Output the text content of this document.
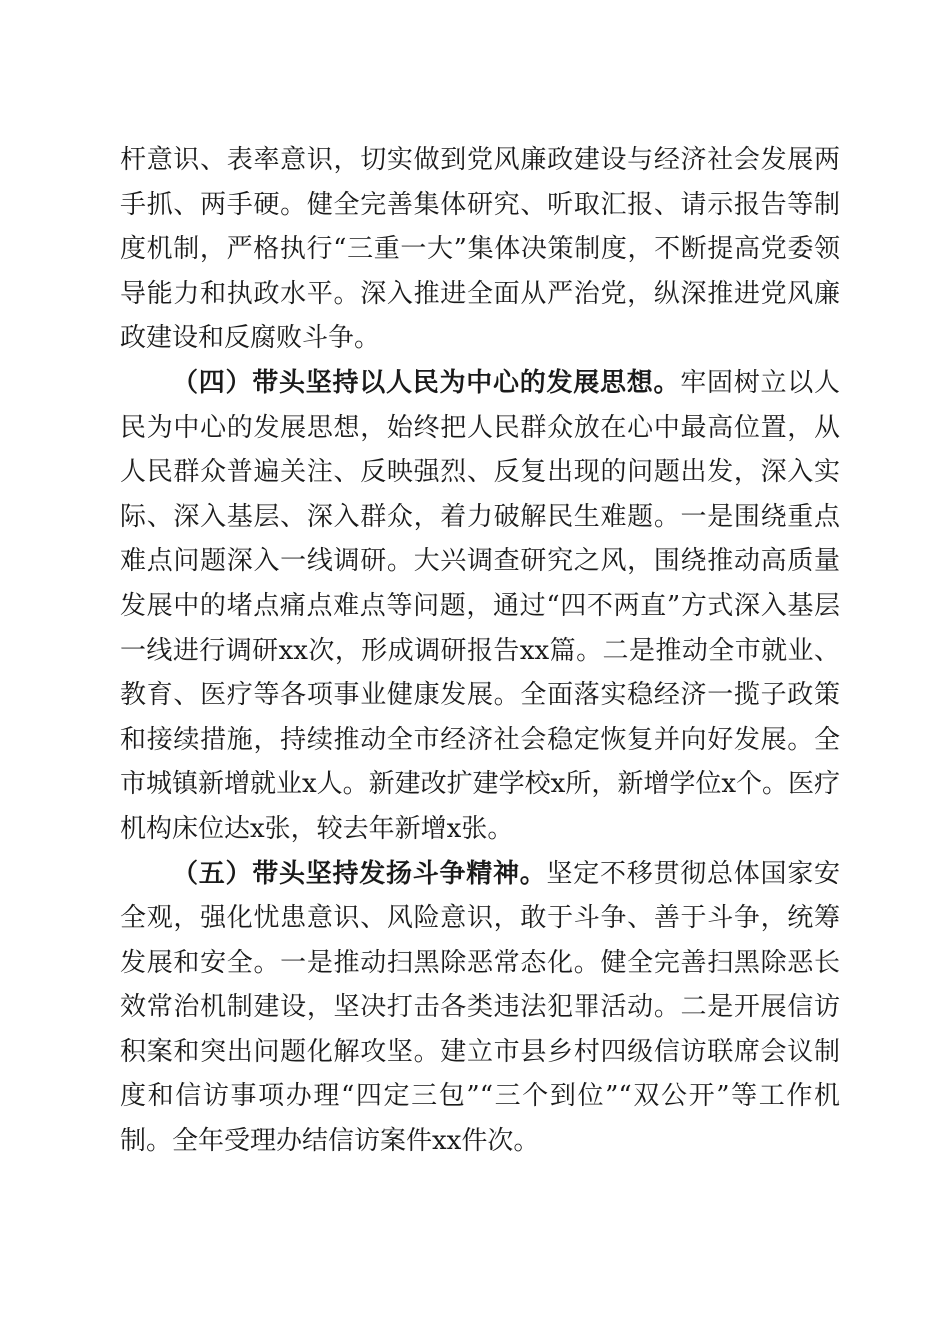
杆意识、表率意识，切实做到党风廉政建设与经济社会发展两手抓、两手硬。健全完善集体研究、听取汇报、请示报告等制度机制，严格执行“三重一大”集体决策制度，不断提高党委领导能力和执政水平。深入推进全面从严治党，纵深推进党风廉政建设和反腐败斗争。

（四）带头坚持以人民为中心的发展思想。牢固树立以人民为中心的发展思想，始终把人民群众放在心中最高位置，从人民群众普遍关注、反映强烈、反复出现的问题出发，深入实际、深入基层、深入群众，着力破解民生难题。一是围绕重点难点问题深入一线调研。大兴调查研究之风，围绕推动高质量发展中的堵点痛点难点等问题，通过“四不两直”方式深入基层一线进行调研xx次，形成调研报告xx篇。二是推动全市就业、教育、医疗等各项事业健康发展。全面落实稳经济一揽子政策和接续措施，持续推动全市经济社会稳定恢复并向好发展。全市城镇新增就业x人。新建改扩建学校x所，新增学位x个。医疗机构床位达x张，较去年新增x张。

（五）带头坚持发扬斗争精神。坚定不移贯彻总体国家安全观，强化忧患意识、风险意识，敢于斗争、善于斗争，统筹发展和安全。一是推动扫黑除恶常态化。健全完善扫黑除恶长效常治机制建设，坚决打击各类违法犯罪活动。二是开展信访积案和突出问题化解攻坚。建立市县乡村四级信访联席会议制度和信访事项办理“四定三包”“三个到位”“双公开”等工作机制。全年受理办结信访案件xx件次。
